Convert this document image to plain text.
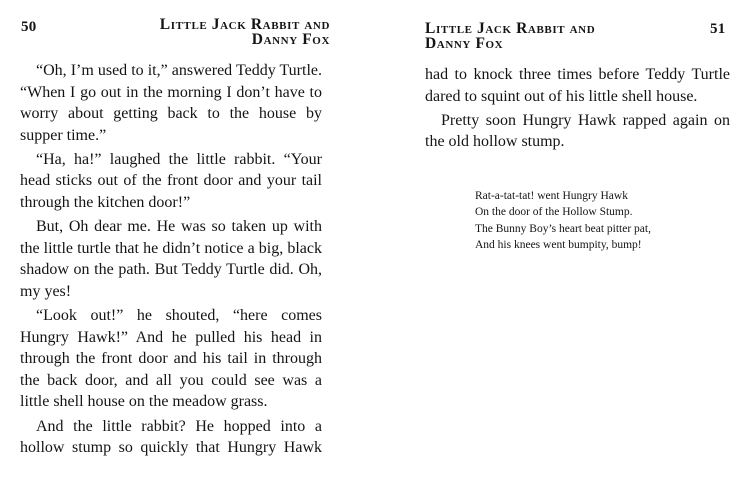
50	Little Jack Rabbit and
Danny Fox

“Oh, I’m used to it,” answered Teddy Turtle. “When I go out in the morning I don’t have to worry about getting back to the house by supper time.”

“Ha, ha!” laughed the little rabbit. “Your head sticks out of the front door and your tail through the kitchen door!”

But, Oh dear me. He was so taken up with the little turtle that he didn’t notice a big, black shadow on the path. But Teddy Turtle did. Oh, my yes!

“Look out!” he shouted, “here comes Hungry Hawk!” And he pulled his head in through the front door and his tail in through the back door, and all you could see was a little shell house on the meadow grass.

And the little rabbit? He hopped into a hollow stump so quickly that Hungry Hawk

Little Jack Rabbit and
Danny Fox
51

had to knock three times before Teddy Turtle dared to squint out of his little shell house.

Pretty soon Hungry Hawk rapped again on the old hollow stump.

Rat-a-tat-tat! went Hungry Hawk
On the door of the Hollow Stump.
The Bunny Boy’s heart beat pitter pat,
And his knees went bumpity, bump!
